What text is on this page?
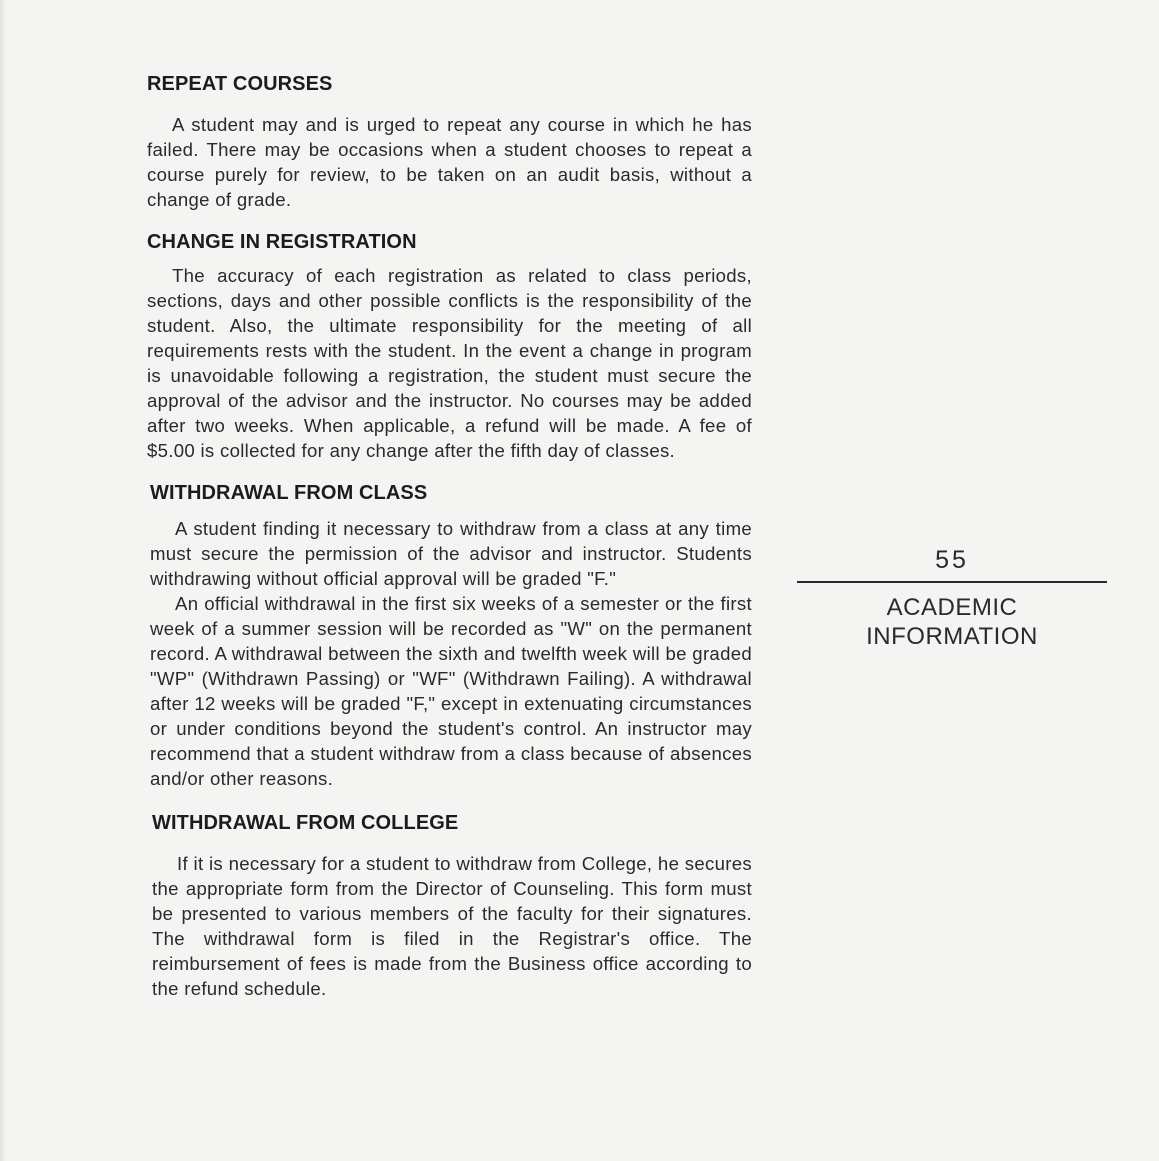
REPEAT COURSES

A student may and is urged to repeat any course in which he has failed. There may be occasions when a student chooses to repeat a course purely for review, to be taken on an audit basis, without a change of grade.

CHANGE IN REGISTRATION

The accuracy of each registration as related to class periods, sections, days and other possible conflicts is the responsibility of the student. Also, the ultimate responsibility for the meeting of all requirements rests with the student. In the event a change in program is unavoidable following a registration, the student must secure the approval of the advisor and the instructor. No courses may be added after two weeks. When applicable, a refund will be made. A fee of $5.00 is collected for any change after the fifth day of classes.

WITHDRAWAL FROM CLASS

A student finding it necessary to withdraw from a class at any time must secure the permission of the advisor and instructor. Students withdrawing without official approval will be graded "F."

An official withdrawal in the first six weeks of a semester or the first week of a summer session will be recorded as "W" on the permanent record. A withdrawal between the sixth and twelfth week will be graded "WP" (Withdrawn Passing) or "WF" (Withdrawn Failing). A withdrawal after 12 weeks will be graded "F," except in extenuating circumstances or under conditions beyond the student's control. An instructor may recommend that a student withdraw from a class because of absences and/or other reasons.

WITHDRAWAL FROM COLLEGE

If it is necessary for a student to withdraw from College, he secures the appropriate form from the Director of Counseling. This form must be presented to various members of the faculty for their signatures. The withdrawal form is filed in the Registrar's office. The reimbursement of fees is made from the Business office according to the refund schedule.

55
ACADEMIC
INFORMATION
